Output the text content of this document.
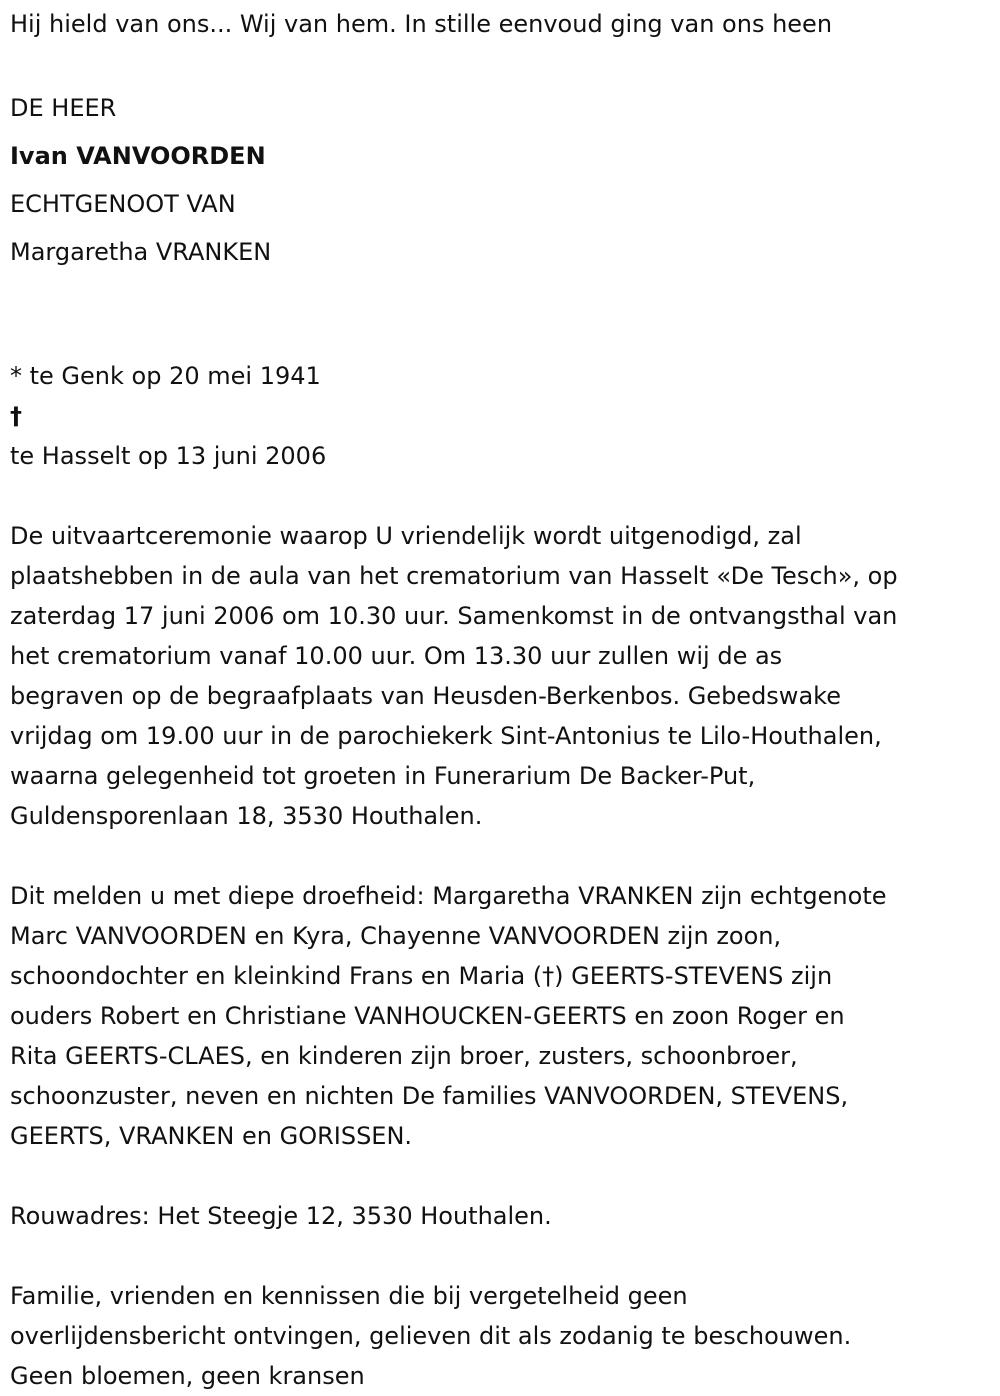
Hij hield van ons... Wij van hem. In stille eenvoud ging van ons heen

DE HEER

Ivan VANVOORDEN

ECHTGENOOT VAN

Margaretha VRANKEN

* te Genk op 20 mei 1941
†
te Hasselt op 13 juni 2006

De uitvaartceremonie waarop U vriendelijk wordt uitgenodigd, zal
plaatshebben in de aula van het crematorium van Hasselt «De Tesch», op
zaterdag 17 juni 2006 om 10.30 uur. Samenkomst in de ontvangsthal van
het crematorium vanaf 10.00 uur. Om 13.30 uur zullen wij de as
begraven op de begraafplaats van Heusden-Berkenbos. Gebedswake
vrijdag om 19.00 uur in de parochiekerk Sint-Antonius te Lilo-Houthalen,
waarna gelegenheid tot groeten in Funerarium De Backer-Put,
Guldensporenlaan 18, 3530 Houthalen.

Dit melden u met diepe droefheid: Margaretha VRANKEN zijn echtgenote
Marc VANVOORDEN en Kyra, Chayenne VANVOORDEN zijn zoon,
schoondochter en kleinkind Frans en Maria (†) GEERTS-STEVENS zijn
ouders Robert en Christiane VANHOUCKEN-GEERTS en zoon Roger en
Rita GEERTS-CLAES, en kinderen zijn broer, zusters, schoonbroer,
schoonzuster, neven en nichten De families VANVOORDEN, STEVENS,
GEERTS, VRANKEN en GORISSEN.

Rouwadres: Het Steegje 12, 3530 Houthalen.

Familie, vrienden en kennissen die bij vergetelheid geen
overlijdensbericht ontvingen, gelieven dit als zodanig te beschouwen.
Geen bloemen, geen kransen
